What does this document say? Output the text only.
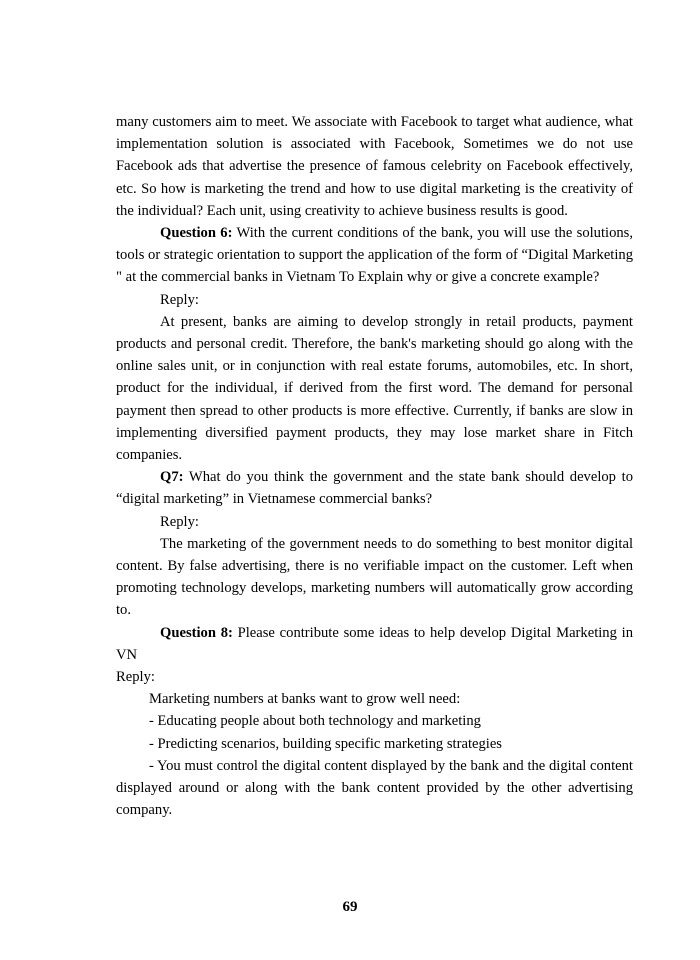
many customers aim to meet. We associate with Facebook to target what audience, what implementation solution is associated with Facebook, Sometimes we do not use Facebook ads that advertise the presence of famous celebrity on Facebook effectively, etc. So how is marketing the trend and how to use digital marketing is the creativity of the individual? Each unit, using creativity to achieve business results is good.

Question 6: With the current conditions of the bank, you will use the solutions, tools or strategic orientation to support the application of the form of “Digital Marketing " at the commercial banks in Vietnam To Explain why or give a concrete example?

Reply:

At present, banks are aiming to develop strongly in retail products, payment products and personal credit. Therefore, the bank's marketing should go along with the online sales unit, or in conjunction with real estate forums, automobiles, etc. In short, product for the individual, if derived from the first word. The demand for personal payment then spread to other products is more effective. Currently, if banks are slow in implementing diversified payment products, they may lose market share in Fitch companies.

Q7: What do you think the government and the state bank should develop to “digital marketing” in Vietnamese commercial banks?

Reply:

The marketing of the government needs to do something to best monitor digital content. By false advertising, there is no verifiable impact on the customer. Left when promoting technology develops, marketing numbers will automatically grow according to.

Question 8: Please contribute some ideas to help develop Digital Marketing in VN

Reply:

Marketing numbers at banks want to grow well need:

- Educating people about both technology and marketing

- Predicting scenarios, building specific marketing strategies

- You must control the digital content displayed by the bank and the digital content displayed around or along with the bank content provided by the other advertising company.

69
